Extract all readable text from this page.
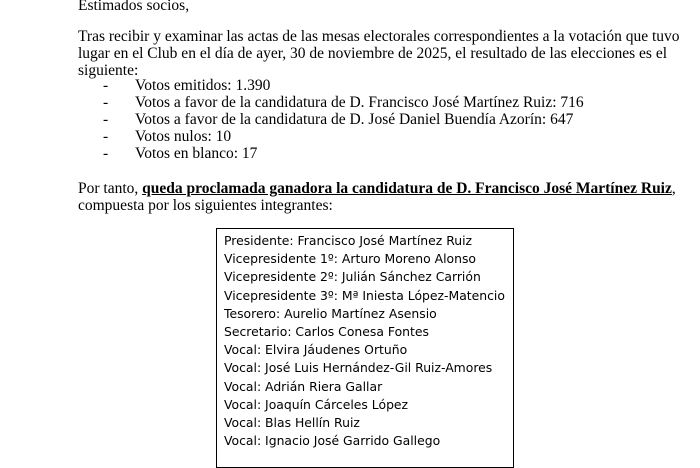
Estimados socios,
Tras recibir y examinar las actas de las mesas electorales correspondientes a la votación que tuvo
lugar en el Club en el día de ayer, 30 de noviembre de 2025, el resultado de las elecciones es el
siguiente:
- Votos emitidos: 1.390
- Votos a favor de la candidatura de D. Francisco José Martínez Ruiz: 716
- Votos a favor de la candidatura de D. José Daniel Buendía Azorín: 647
- Votos nulos: 10
- Votos en blanco: 17
Por tanto, queda proclamada ganadora la candidatura de D. Francisco José Martínez Ruiz,
compuesta por los siguientes integrantes:
Presidente: Francisco José Martínez Ruiz
Vicepresidente 1º: Arturo Moreno Alonso
Vicepresidente 2º: Julián Sánchez Carrión
Vicepresidente 3º: Mª Iniesta López-Matencio
Tesorero: Aurelio Martínez Asensio
Secretario: Carlos Conesa Fontes
Vocal: Elvira Jáudenes Ortuño
Vocal: José Luis Hernández-Gil Ruiz-Amores
Vocal: Adrián Riera Gallar
Vocal: Joaquín Cárceles López
Vocal: Blas Hellín Ruiz
Vocal: Ignacio José Garrido Gallego
